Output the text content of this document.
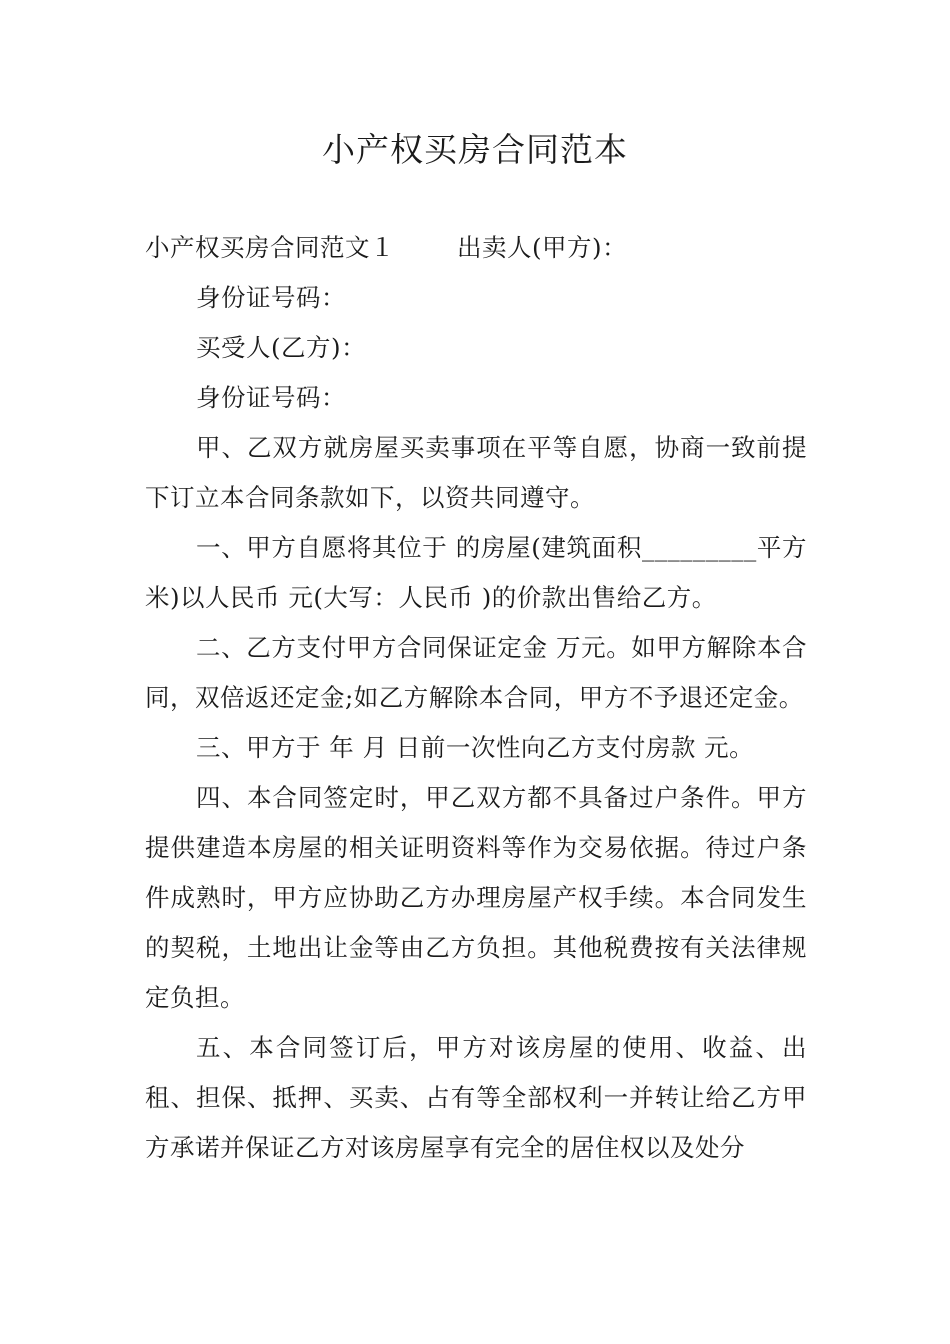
小产权买房合同范本

小产权买房合同范文１	出卖人(甲方)：

身份证号码：

买受人(乙方)：

身份证号码：

甲、乙双方就房屋买卖事项在平等自愿，协商一致前提下订立本合同条款如下，以资共同遵守。

一、甲方自愿将其位于 的房屋(建筑面积_________平方米)以人民币 元(大写：人民币 )的价款出售给乙方。

二、乙方支付甲方合同保证定金 万元。如甲方解除本合同，双倍返还定金;如乙方解除本合同，甲方不予退还定金。

三、甲方于 年 月 日前一次性向乙方支付房款 元。

四、本合同签定时，甲乙双方都不具备过户条件。甲方提供建造本房屋的相关证明资料等作为交易依据。待过户条件成熟时，甲方应协助乙方办理房屋产权手续。本合同发生的契税，土地出让金等由乙方负担。其他税费按有关法律规定负担。

五、本合同签订后，甲方对该房屋的使用、收益、出租、担保、抵押、买卖、占有等全部权利一并转让给乙方甲方承诺并保证乙方对该房屋享有完全的居住权以及处分
